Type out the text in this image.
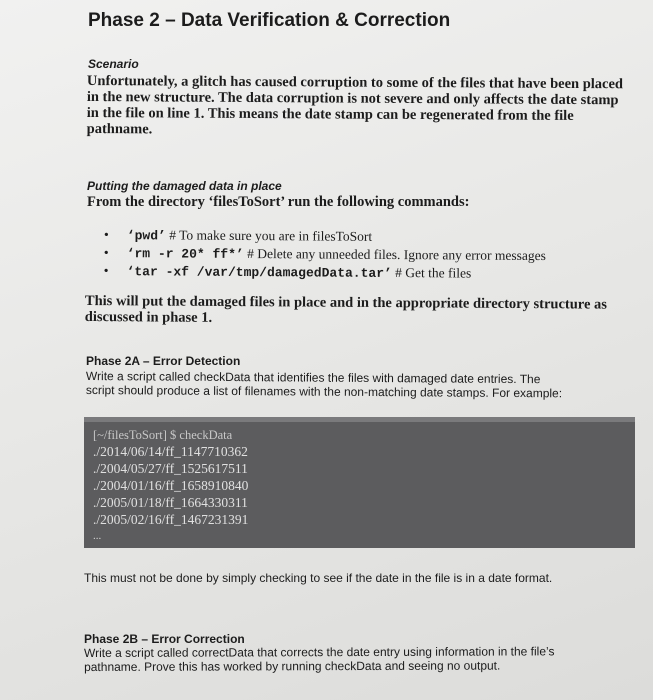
Phase 2 – Data Verification & Correction
Scenario
Unfortunately, a glitch has caused corruption to some of the files that have been placed
in the new structure. The data corruption is not severe and only affects the date stamp
in the file on line 1. This means the date stamp can be regenerated from the file
pathname.
Putting the damaged data in place
From the directory ‘filesToSort’ run the following commands:
• ‘pwd’ # To make sure you are in filesToSort
• ‘rm -r 20* ff*’ # Delete any unneeded files. Ignore any error messages
• ‘tar -xf /var/tmp/damagedData.tar’ # Get the files
This will put the damaged files in place and in the appropriate directory structure as
discussed in phase 1.
Phase 2A – Error Detection
Write a script called checkData that identifies the files with damaged date entries. The
script should produce a list of filenames with the non-matching date stamps. For example:
[~/filesToSort] $ checkData
./2014/06/14/ff_1147710362
./2004/05/27/ff_1525617511
./2004/01/16/ff_1658910840
./2005/01/18/ff_1664330311
./2005/02/16/ff_1467231391
...
This must not be done by simply checking to see if the date in the file is in a date format.
Phase 2B – Error Correction
Write a script called correctData that corrects the date entry using information in the file’s
pathname. Prove this has worked by running checkData and seeing no output.
